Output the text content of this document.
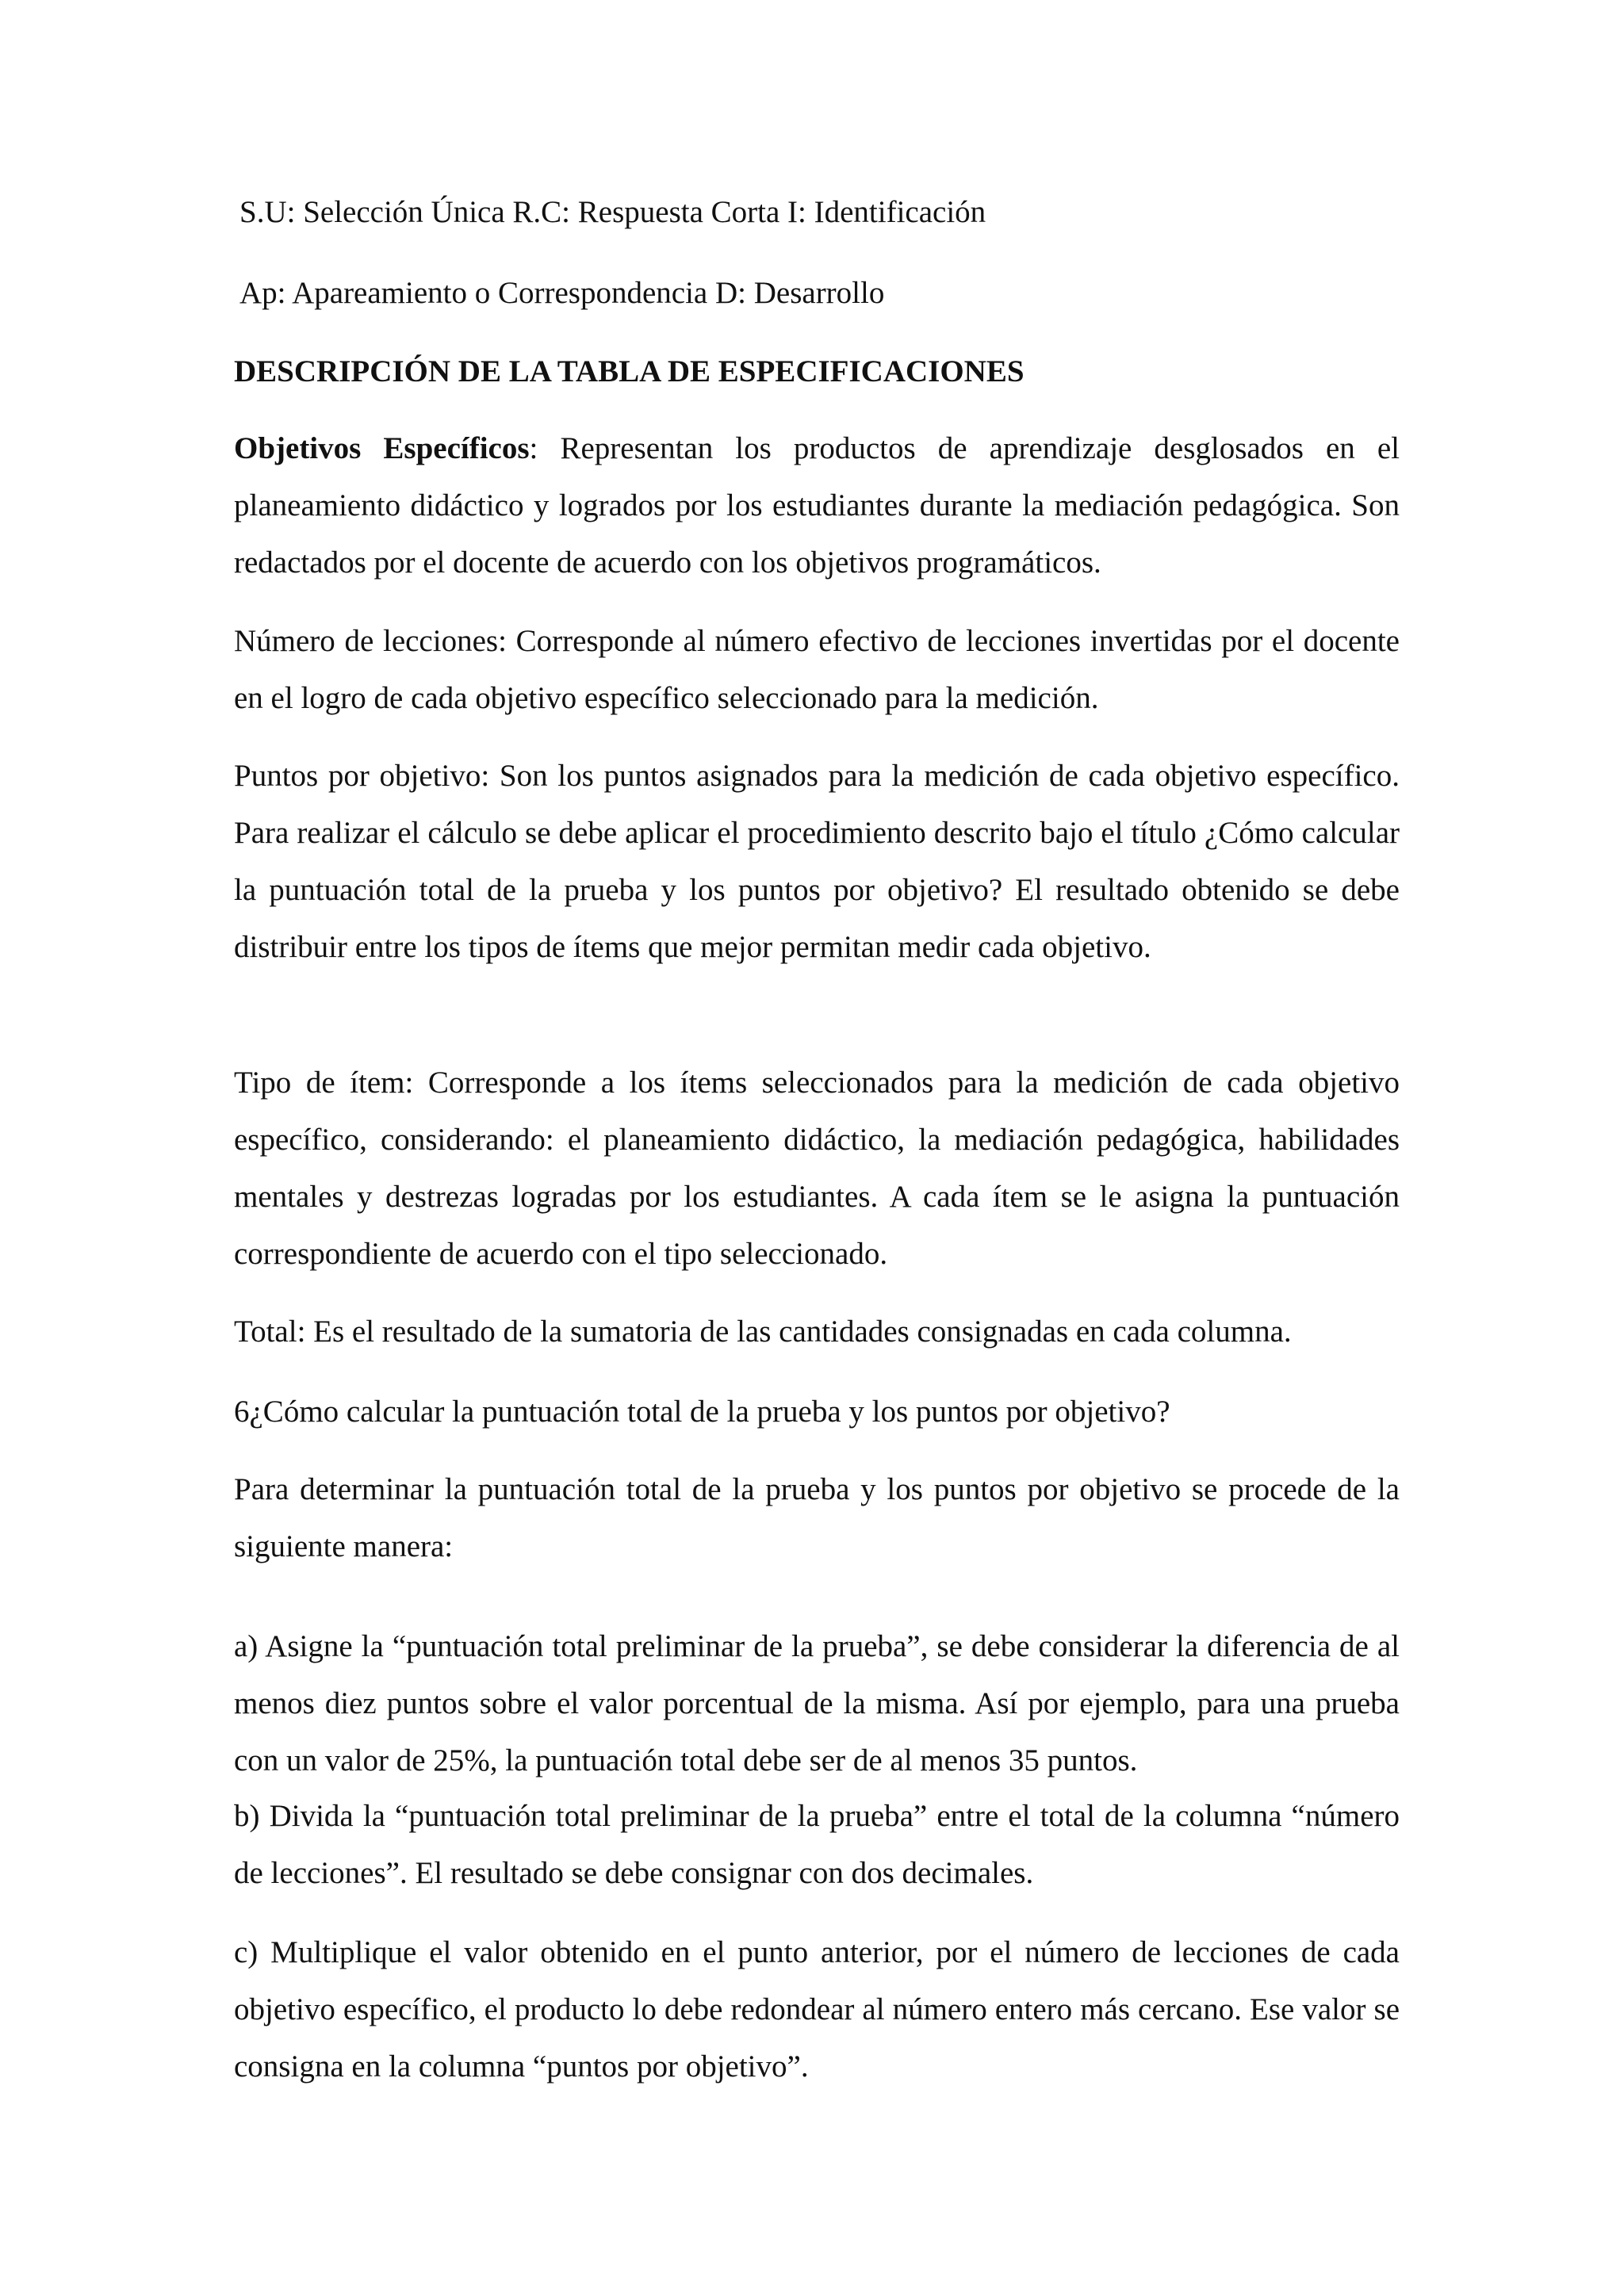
S.U: Selección Única R.C: Respuesta Corta I: Identificación

Ap: Apareamiento o Correspondencia D: Desarrollo

DESCRIPCIÓN DE LA TABLA DE ESPECIFICACIONES

Objetivos Específicos: Representan los productos de aprendizaje desglosados en el planeamiento didáctico y logrados por los estudiantes durante la mediación pedagógica. Son redactados por el docente de acuerdo con los objetivos programáticos.

Número de lecciones: Corresponde al número efectivo de lecciones invertidas por el docente en el logro de cada objetivo específico seleccionado para la medición.

Puntos por objetivo: Son los puntos asignados para la medición de cada objetivo específico. Para realizar el cálculo se debe aplicar el procedimiento descrito bajo el título ¿Cómo calcular la puntuación total de la prueba y los puntos por objetivo? El resultado obtenido se debe distribuir entre los tipos de ítems que mejor permitan medir cada objetivo.

Tipo de ítem: Corresponde a los ítems seleccionados para la medición de cada objetivo específico, considerando: el planeamiento didáctico, la mediación pedagógica, habilidades mentales y destrezas logradas por los estudiantes. A cada ítem se le asigna la puntuación correspondiente de acuerdo con el tipo seleccionado.

Total: Es el resultado de la sumatoria de las cantidades consignadas en cada columna.

6¿Cómo calcular la puntuación total de la prueba y los puntos por objetivo?

Para determinar la puntuación total de la prueba y los puntos por objetivo se procede de la siguiente manera:

a) Asigne la “puntuación total preliminar de la prueba”, se debe considerar la diferencia de al menos diez puntos sobre el valor porcentual de la misma. Así por ejemplo, para una prueba con un valor de 25%, la puntuación total debe ser de al menos 35 puntos.

b) Divida la “puntuación total preliminar de la prueba” entre el total de la columna “número de lecciones”. El resultado se debe consignar con dos decimales.

c) Multiplique el valor obtenido en el punto anterior, por el número de lecciones de cada objetivo específico, el producto lo debe redondear al número entero más cercano. Ese valor se consigna en la columna “puntos por objetivo”.
